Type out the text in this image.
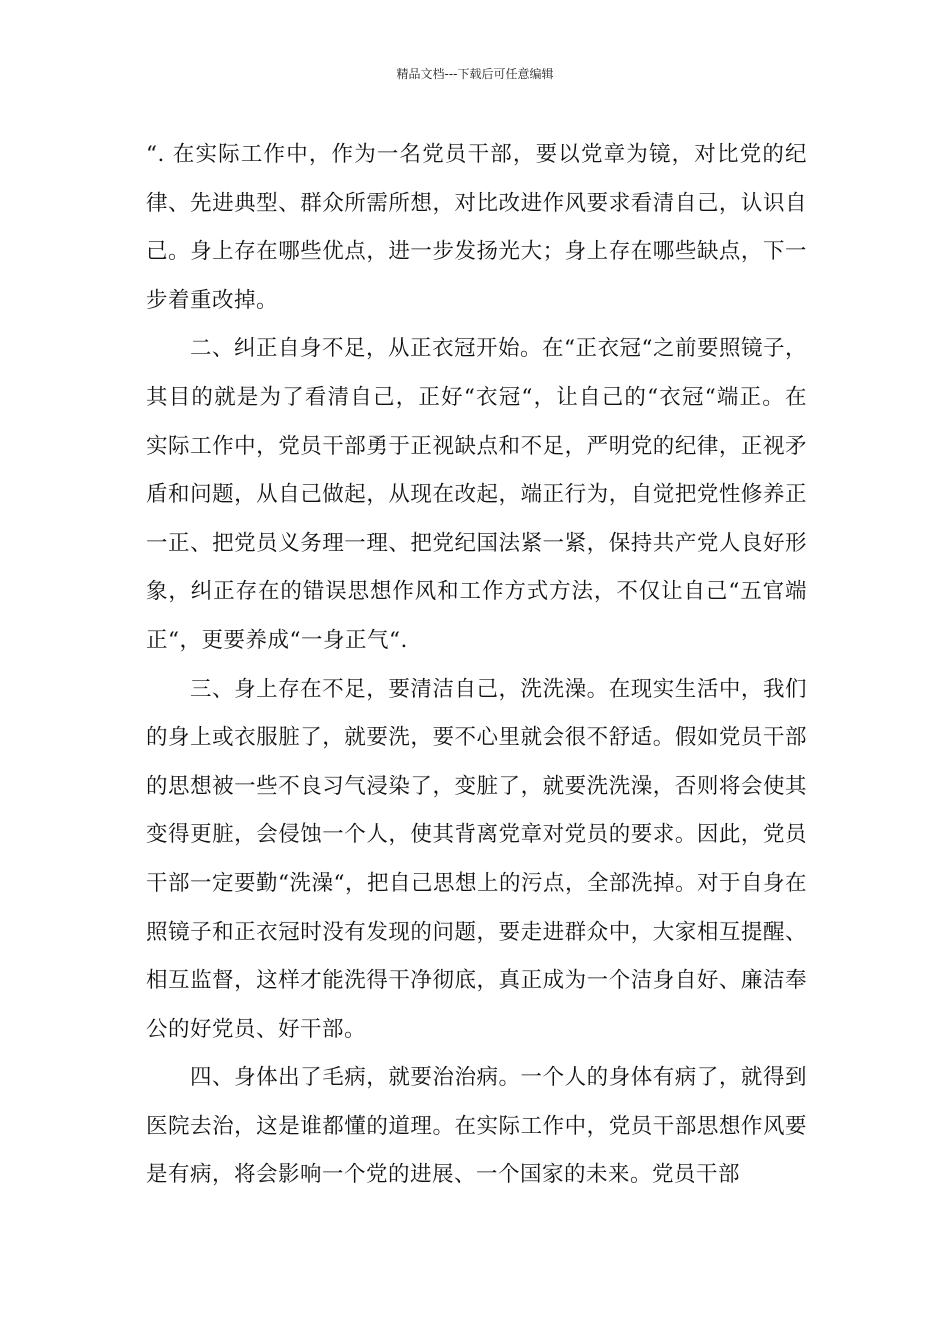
精品文档---下载后可任意编辑

“. 在实际工作中，作为一名党员干部，要以党章为镜，对比党的纪律、先进典型、群众所需所想，对比改进作风要求看清自己，认识自己。身上存在哪些优点，进一步发扬光大；身上存在哪些缺点，下一步着重改掉。

二、纠正自身不足，从正衣冠开始。在“正衣冠“之前要照镜子，其目的就是为了看清自己，正好“衣冠“，让自己的“衣冠“端正。在实际工作中，党员干部勇于正视缺点和不足，严明党的纪律，正视矛盾和问题，从自己做起，从现在改起，端正行为，自觉把党性修养正一正、把党员义务理一理、把党纪国法紧一紧，保持共产党人良好形象，纠正存在的错误思想作风和工作方式方法，不仅让自己“五官端正“，更要养成“一身正气“.

三、身上存在不足，要清洁自己，洗洗澡。在现实生活中，我们的身上或衣服脏了，就要洗，要不心里就会很不舒适。假如党员干部的思想被一些不良习气浸染了，变脏了，就要洗洗澡，否则将会使其变得更脏，会侵蚀一个人，使其背离党章对党员的要求。因此，党员干部一定要勤“洗澡“，把自己思想上的污点，全部洗掉。对于自身在照镜子和正衣冠时没有发现的问题，要走进群众中，大家相互提醒、相互监督，这样才能洗得干净彻底，真正成为一个洁身自好、廉洁奉公的好党员、好干部。

四、身体出了毛病，就要治治病。一个人的身体有病了，就得到医院去治，这是谁都懂的道理。在实际工作中，党员干部思想作风要是有病，将会影响一个党的进展、一个国家的未来。党员干部
